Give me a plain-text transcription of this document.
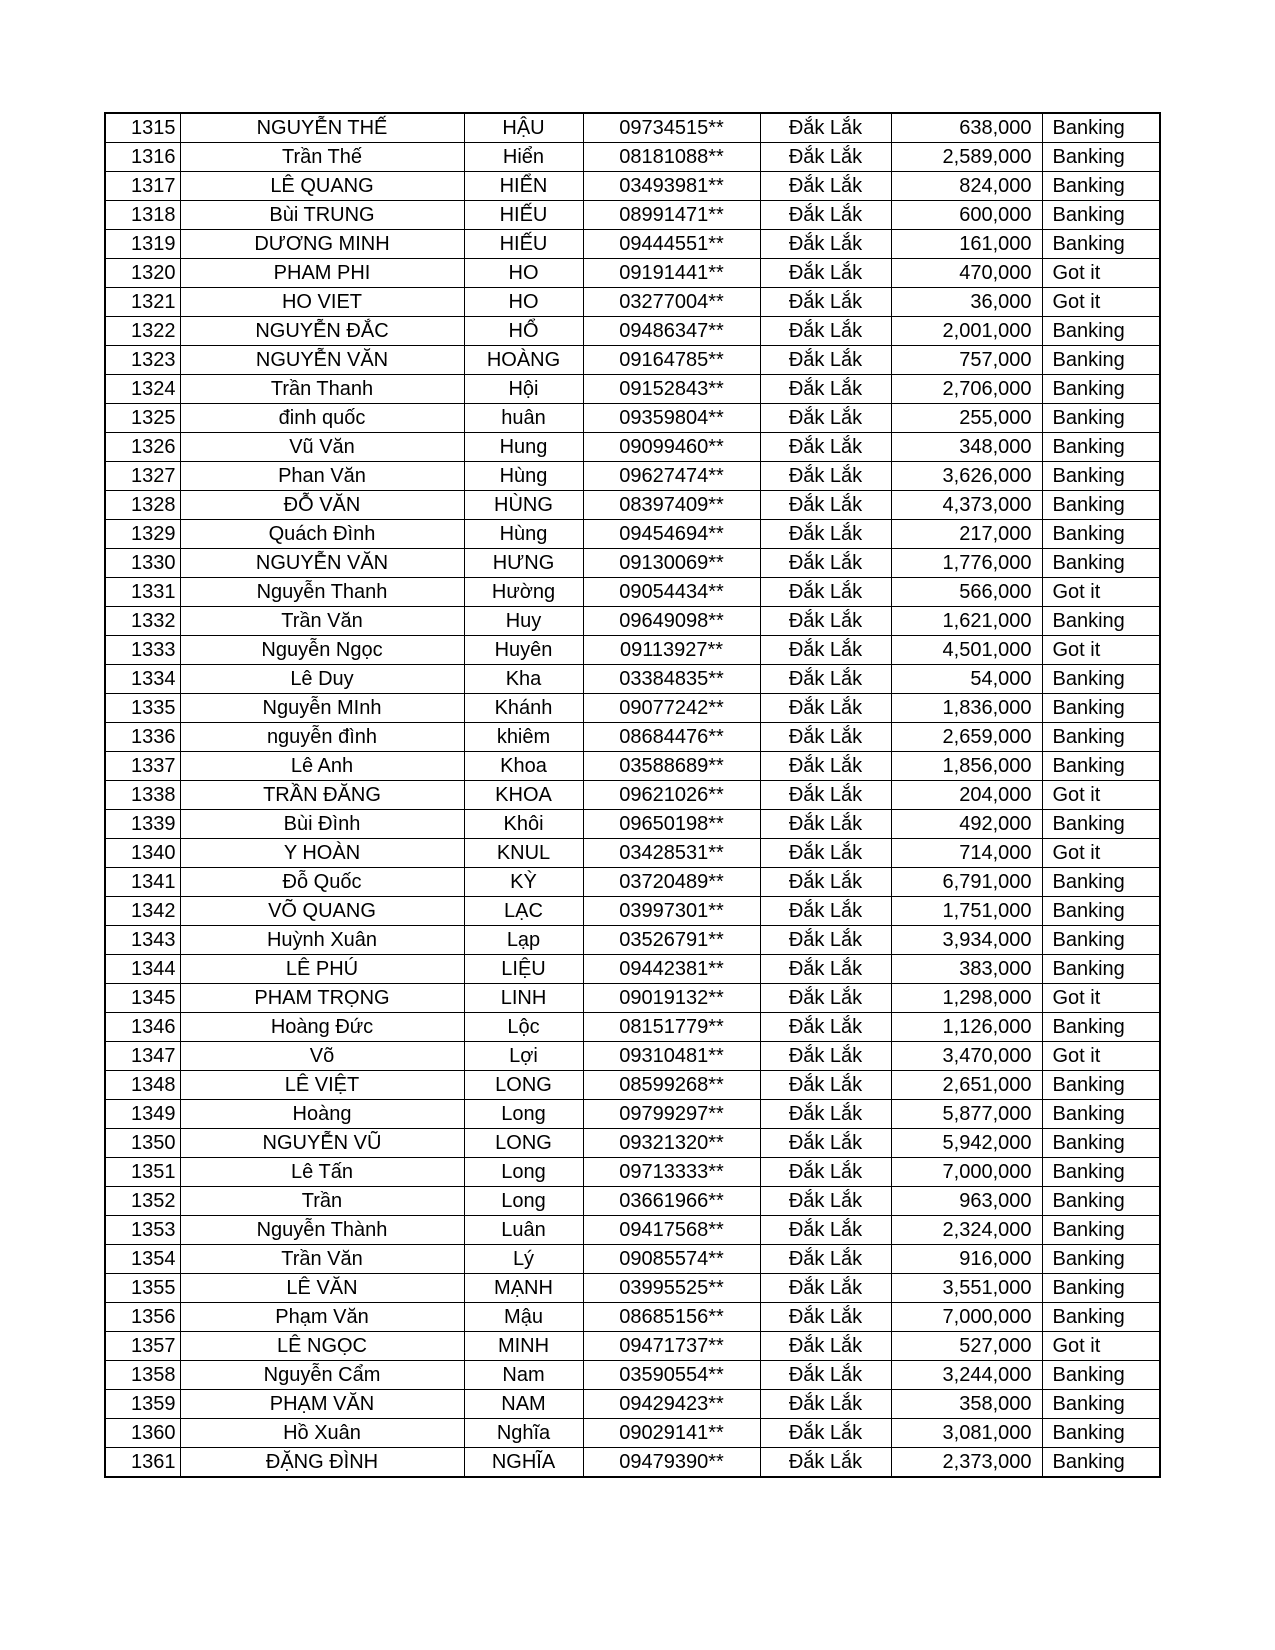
1315	NGUYỄN THẾ	HẬU	09734515**	Đắk Lắk	638,000	Banking
1316	Trần Thế	Hiển	08181088**	Đắk Lắk	2,589,000	Banking
1317	LÊ QUANG	HIỂN	03493981**	Đắk Lắk	824,000	Banking
1318	Bùi TRUNG	HIẾU	08991471**	Đắk Lắk	600,000	Banking
1319	DƯƠNG MINH	HIẾU	09444551**	Đắk Lắk	161,000	Banking
1320	PHAM PHI	HO	09191441**	Đắk Lắk	470,000	Got it
1321	HO VIET	HO	03277004**	Đắk Lắk	36,000	Got it
1322	NGUYỄN ĐẮC	HỔ	09486347**	Đắk Lắk	2,001,000	Banking
1323	NGUYỄN VĂN	HOÀNG	09164785**	Đắk Lắk	757,000	Banking
1324	Trần Thanh	Hội	09152843**	Đắk Lắk	2,706,000	Banking
1325	đinh quốc	huân	09359804**	Đắk Lắk	255,000	Banking
1326	Vũ Văn	Hung	09099460**	Đắk Lắk	348,000	Banking
1327	Phan Văn	Hùng	09627474**	Đắk Lắk	3,626,000	Banking
1328	ĐỖ VĂN	HÙNG	08397409**	Đắk Lắk	4,373,000	Banking
1329	Quách Đình	Hùng	09454694**	Đắk Lắk	217,000	Banking
1330	NGUYỄN VĂN	HƯNG	09130069**	Đắk Lắk	1,776,000	Banking
1331	Nguyễn Thanh	Hường	09054434**	Đắk Lắk	566,000	Got it
1332	Trần Văn	Huy	09649098**	Đắk Lắk	1,621,000	Banking
1333	Nguyễn Ngọc	Huyên	09113927**	Đắk Lắk	4,501,000	Got it
1334	Lê Duy	Kha	03384835**	Đắk Lắk	54,000	Banking
1335	Nguyễn MInh	Khánh	09077242**	Đắk Lắk	1,836,000	Banking
1336	nguyễn đình	khiêm	08684476**	Đắk Lắk	2,659,000	Banking
1337	Lê Anh	Khoa	03588689**	Đắk Lắk	1,856,000	Banking
1338	TRẦN ĐĂNG	KHOA	09621026**	Đắk Lắk	204,000	Got it
1339	Bùi Đình	Khôi	09650198**	Đắk Lắk	492,000	Banking
1340	Y HOÀN	KNUL	03428531**	Đắk Lắk	714,000	Got it
1341	Đỗ Quốc	KỲ	03720489**	Đắk Lắk	6,791,000	Banking
1342	VÕ QUANG	LẠC	03997301**	Đắk Lắk	1,751,000	Banking
1343	Huỳnh Xuân	Lạp	03526791**	Đắk Lắk	3,934,000	Banking
1344	LÊ PHÚ	LIỆU	09442381**	Đắk Lắk	383,000	Banking
1345	PHAM TRỌNG	LINH	09019132**	Đắk Lắk	1,298,000	Got it
1346	Hoàng Đức	Lộc	08151779**	Đắk Lắk	1,126,000	Banking
1347	Võ	Lợi	09310481**	Đắk Lắk	3,470,000	Got it
1348	LÊ VIỆT	LONG	08599268**	Đắk Lắk	2,651,000	Banking
1349	Hoàng	Long	09799297**	Đắk Lắk	5,877,000	Banking
1350	NGUYỄN VŨ	LONG	09321320**	Đắk Lắk	5,942,000	Banking
1351	Lê Tấn	Long	09713333**	Đắk Lắk	7,000,000	Banking
1352	Trần	Long	03661966**	Đắk Lắk	963,000	Banking
1353	Nguyễn Thành	Luân	09417568**	Đắk Lắk	2,324,000	Banking
1354	Trần Văn	Lý	09085574**	Đắk Lắk	916,000	Banking
1355	LÊ VĂN	MẠNH	03995525**	Đắk Lắk	3,551,000	Banking
1356	Phạm Văn	Mậu	08685156**	Đắk Lắk	7,000,000	Banking
1357	LÊ NGỌC	MINH	09471737**	Đắk Lắk	527,000	Got it
1358	Nguyễn Cẩm	Nam	03590554**	Đắk Lắk	3,244,000	Banking
1359	PHẠM VĂN	NAM	09429423**	Đắk Lắk	358,000	Banking
1360	Hồ Xuân	Nghĩa	09029141**	Đắk Lắk	3,081,000	Banking
1361	ĐẶNG ĐÌNH	NGHĨA	09479390**	Đắk Lắk	2,373,000	Banking
